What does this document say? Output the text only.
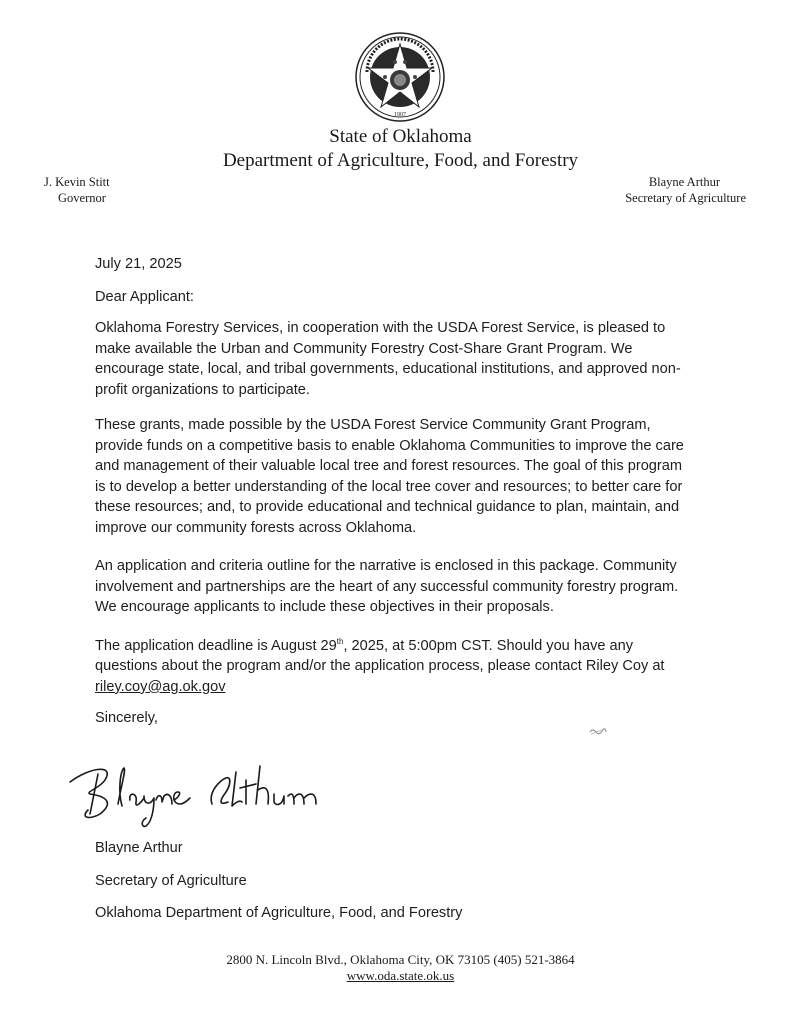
1907
State of Oklahoma
Department of Agriculture, Food, and Forestry
J. Kevin Stitt
Governor
Blayne Arthur
Secretary of Agriculture
July 21, 2025
Dear Applicant:

Oklahoma Forestry Services, in cooperation with the USDA Forest Service, is pleased to make available the Urban and Community Forestry Cost-Share Grant Program. We encourage state, local, and tribal governments, educational institutions, and approved non-profit organizations to participate.

These grants, made possible by the USDA Forest Service Community Grant Program, provide funds on a competitive basis to enable Oklahoma Communities to improve the care and management of their valuable local tree and forest resources. The goal of this program is to develop a better understanding of the local tree cover and resources; to better care for these resources; and, to provide educational and technical guidance to plan, maintain, and improve our community forests across Oklahoma.

An application and criteria outline for the narrative is enclosed in this package. Community involvement and partnerships are the heart of any successful community forestry program. We encourage applicants to include these objectives in their proposals.

The application deadline is August 29th, 2025, at 5:00pm CST. Should you have any questions about the program and/or the application process, please contact Riley Coy at
riley.coy@ag.ok.gov

Sincerely,
Blayne Arthur
Secretary of Agriculture
Oklahoma Department of Agriculture, Food, and Forestry
2800 N. Lincoln Blvd., Oklahoma City, OK 73105 (405) 521-3864
www.oda.state.ok.us
